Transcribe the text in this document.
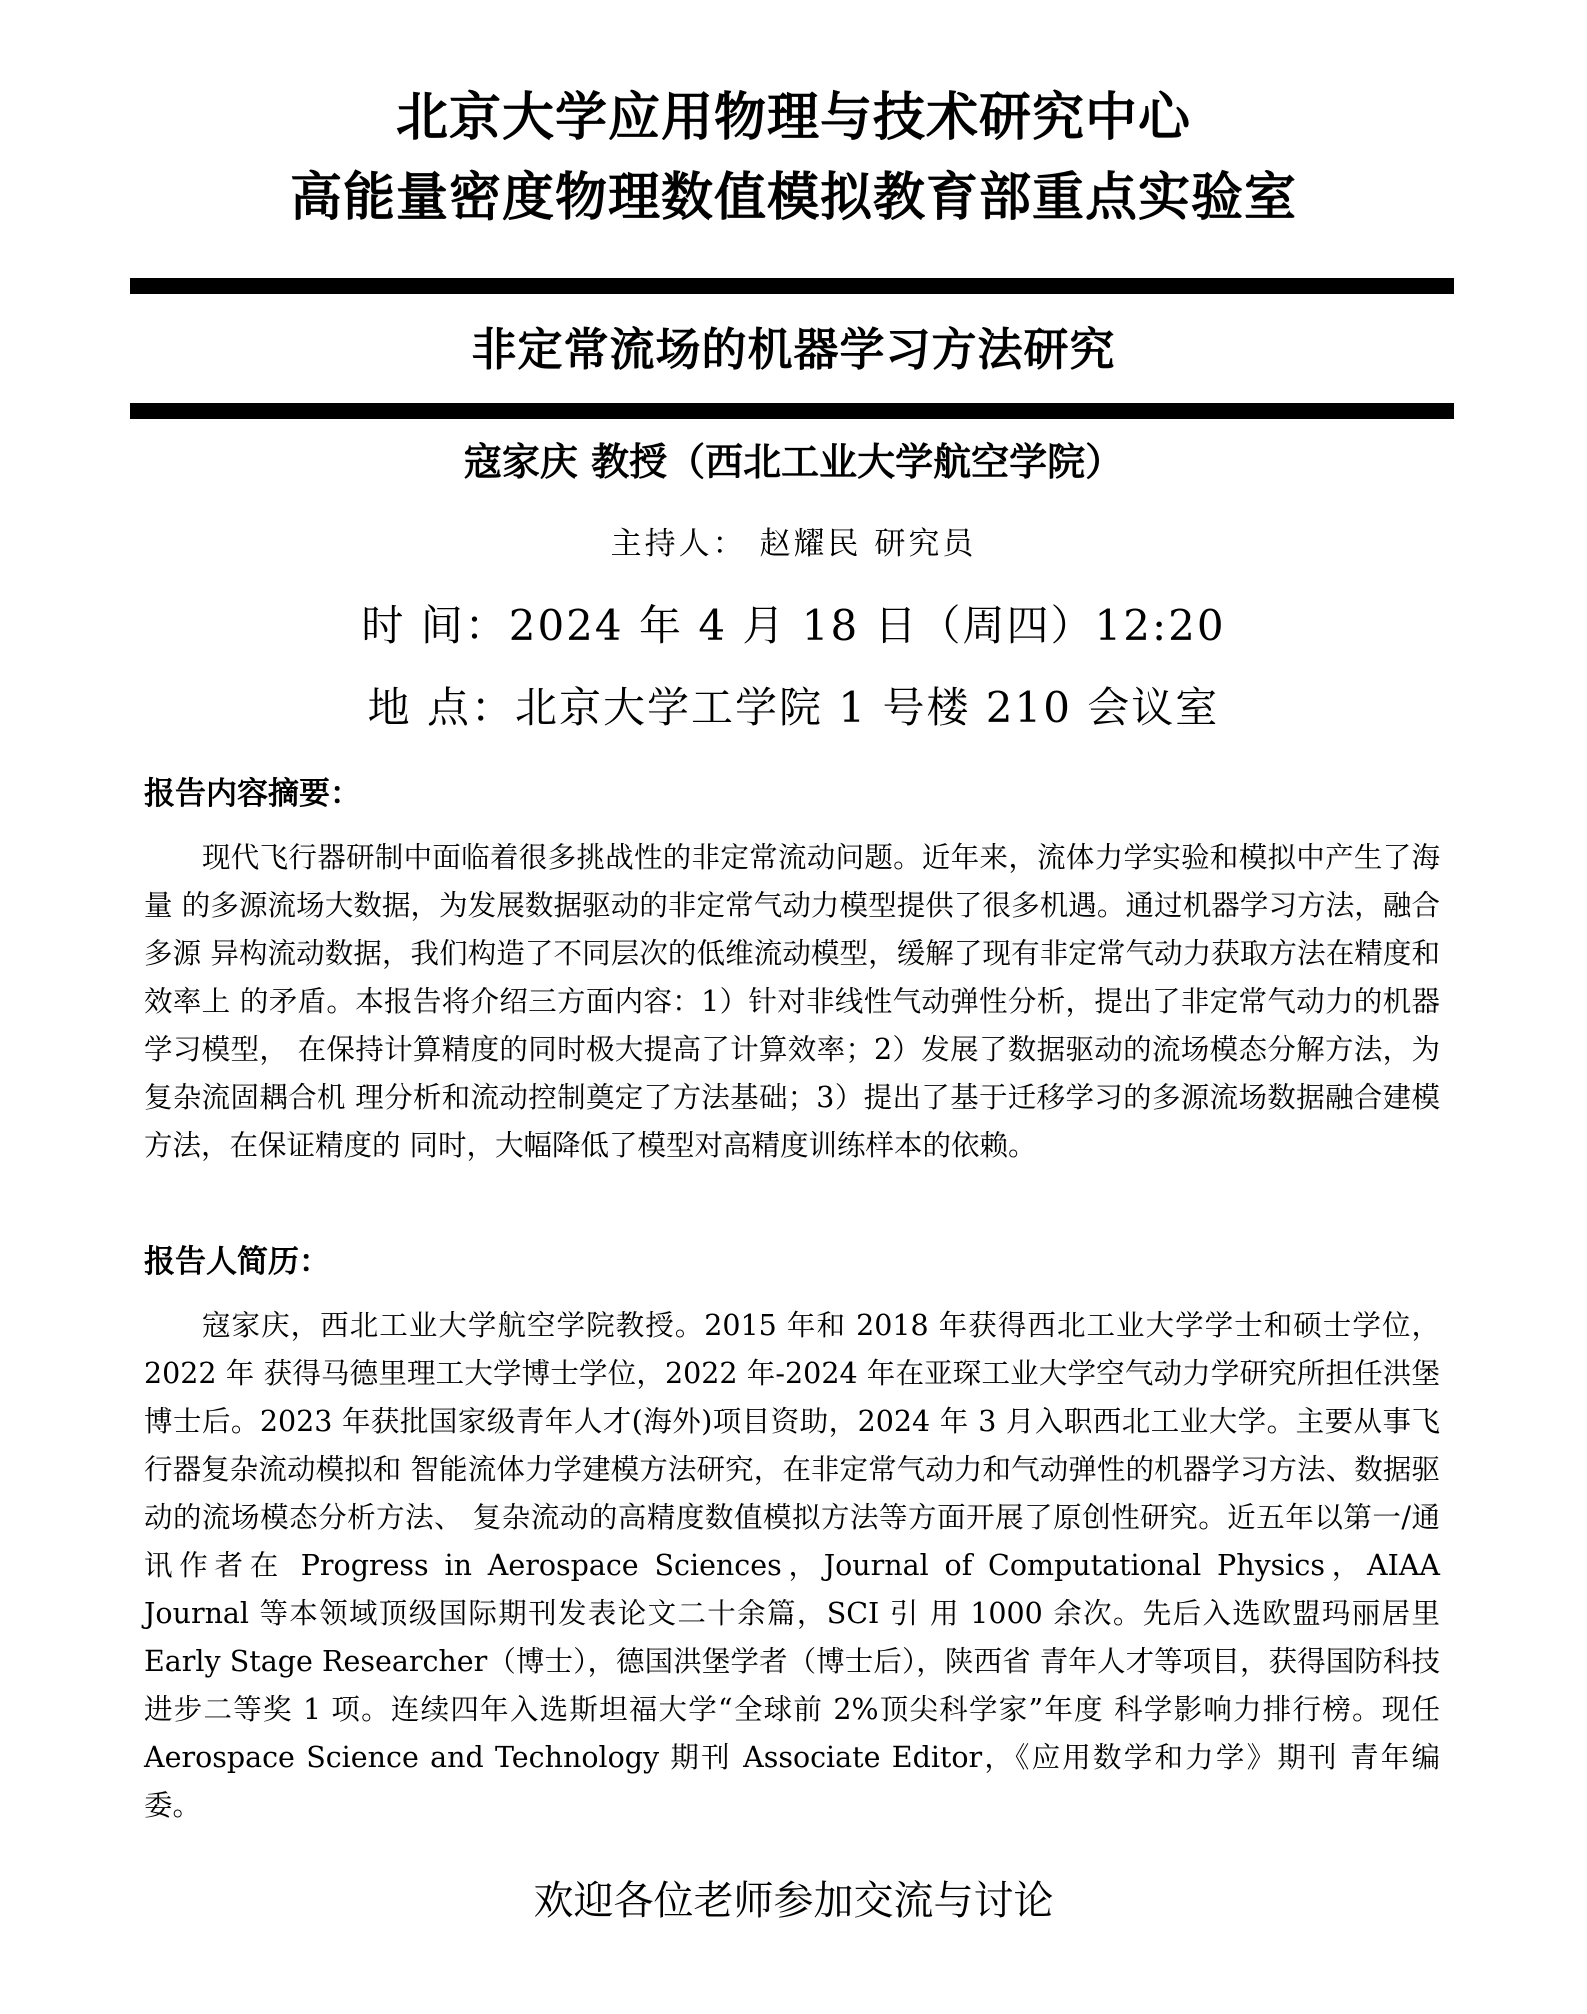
北京大学应用物理与技术研究中心
高能量密度物理数值模拟教育部重点实验室
非定常流场的机器学习方法研究
寇家庆 教授（西北工业大学航空学院）
主持人： 赵耀民 研究员
时 间：2024 年 4 月 18 日（周四）12:20
地 点：北京大学工学院 1 号楼 210 会议室
报告内容摘要：
现代飞行器研制中面临着很多挑战性的非定常流动问题。近年来，流体力学实验和模拟中产生了海量 的多源流场大数据，为发展数据驱动的非定常气动力模型提供了很多机遇。通过机器学习方法，融合多源 异构流动数据，我们构造了不同层次的低维流动模型，缓解了现有非定常气动力获取方法在精度和效率上 的矛盾。本报告将介绍三方面内容：1）针对非线性气动弹性分析，提出了非定常气动力的机器学习模型， 在保持计算精度的同时极大提高了计算效率；2）发展了数据驱动的流场模态分解方法，为复杂流固耦合机 理分析和流动控制奠定了方法基础；3）提出了基于迁移学习的多源流场数据融合建模方法，在保证精度的 同时，大幅降低了模型对高精度训练样本的依赖。
报告人简历：
寇家庆，西北工业大学航空学院教授。2015 年和 2018 年获得西北工业大学学士和硕士学位，2022 年 获得马德里理工大学博士学位，2022 年-2024 年在亚琛工业大学空气动力学研究所担任洪堡博士后。2023 年获批国家级青年人才(海外)项目资助，2024 年 3 月入职西北工业大学。主要从事飞行器复杂流动模拟和 智能流体力学建模方法研究，在非定常气动力和气动弹性的机器学习方法、数据驱动的流场模态分析方法、 复杂流动的高精度数值模拟方法等方面开展了原创性研究。近五年以第一/通讯作者在 Progress in Aerospace Sciences，Journal of Computational Physics，AIAA Journal 等本领域顶级国际期刊发表论文二十余篇，SCI 引 用 1000 余次。先后入选欧盟玛丽居里 Early Stage Researcher（博士），德国洪堡学者（博士后），陕西省 青年人才等项目，获得国防科技进步二等奖 1 项。连续四年入选斯坦福大学“全球前 2%顶尖科学家”年度 科学影响力排行榜。现任 Aerospace Science and Technology 期刊 Associate Editor，《应用数学和力学》期刊 青年编委。
欢迎各位老师参加交流与讨论
